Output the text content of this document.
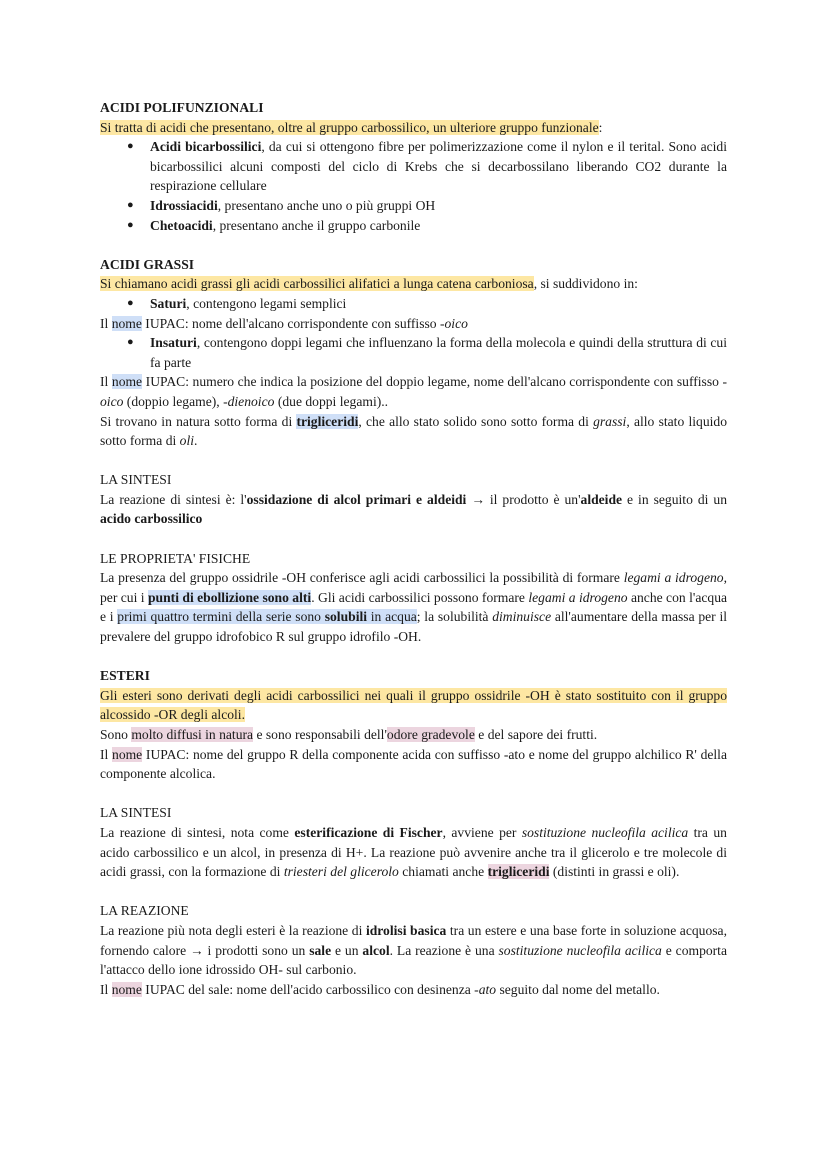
ACIDI POLIFUNZIONALI
Si tratta di acidi che presentano, oltre al gruppo carbossilico, un ulteriore gruppo funzionale:
● Acidi bicarbossilici, da cui si ottengono fibre per polimerizzazione come il nylon e il terital. Sono acidi bicarbossilici alcuni composti del ciclo di Krebs che si decarbossilano liberando CO2 durante la respirazione cellulare
● Idrossiacidi, presentano anche uno o più gruppi OH
● Chetoacidi, presentano anche il gruppo carbonile
ACIDI GRASSI
Si chiamano acidi grassi gli acidi carbossilici alifatici a lunga catena carboniosa, si suddividono in:
● Saturi, contengono legami semplici
Il nome IUPAC: nome dell'alcano corrispondente con suffisso -oico
● Insaturi, contengono doppi legami che influenzano la forma della molecola e quindi della struttura di cui fa parte
Il nome IUPAC: numero che indica la posizione del doppio legame, nome dell'alcano corrispondente con suffisso -oico (doppio legame), -dienoico (due doppi legami)..
Si trovano in natura sotto forma di trigliceridi, che allo stato solido sono sotto forma di grassi, allo stato liquido sotto forma di oli.
LA SINTESI
La reazione di sintesi è: l'ossidazione di alcol primari e aldeidi → il prodotto è un'aldeide e in seguito di un acido carbossilico
LE PROPRIETA' FISICHE
La presenza del gruppo ossidrile -OH conferisce agli acidi carbossilici la possibilità di formare legami a idrogeno, per cui i punti di ebollizione sono alti. Gli acidi carbossilici possono formare legami a idrogeno anche con l'acqua e i primi quattro termini della serie sono solubili in acqua; la solubilità diminuisce all'aumentare della massa per il prevalere del gruppo idrofobico R sul gruppo idrofilo -OH.
ESTERI
Gli esteri sono derivati degli acidi carbossilici nei quali il gruppo ossidrile -OH è stato sostituito con il gruppo alcossido -OR degli alcoli.
Sono molto diffusi in natura e sono responsabili dell'odore gradevole e del sapore dei frutti.
Il nome IUPAC: nome del gruppo R della componente acida con suffisso -ato e nome del gruppo alchilico R' della componente alcolica.
LA SINTESI
La reazione di sintesi, nota come esterificazione di Fischer, avviene per sostituzione nucleofila acilica tra un acido carbossilico e un alcol, in presenza di H+. La reazione può avvenire anche tra il glicerolo e tre molecole di acidi grassi, con la formazione di triesteri del glicerolo chiamati anche trigliceridi (distinti in grassi e oli).
LA REAZIONE
La reazione più nota degli esteri è la reazione di idrolisi basica tra un estere e una base forte in soluzione acquosa, fornendo calore → i prodotti sono un sale e un alcol. La reazione è una sostituzione nucleofila acilica e comporta l'attacco dello ione idrossido OH- sul carbonio.
Il nome IUPAC del sale: nome dell'acido carbossilico con desinenza -ato seguito dal nome del metallo.
